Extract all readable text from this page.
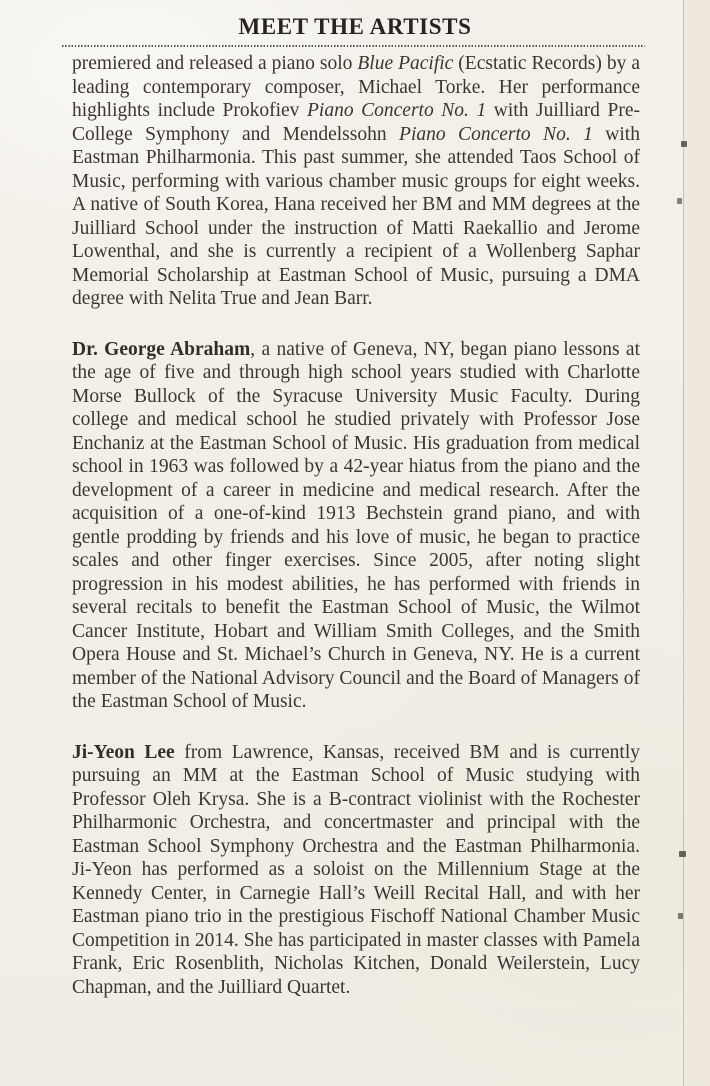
MEET THE ARTISTS

premiered and released a piano solo Blue Pacific (Ecstatic Records) by a leading contemporary composer, Michael Torke. Her performance highlights include Prokofiev Piano Concerto No. 1 with Juilliard Pre-College Symphony and Mendelssohn Piano Concerto No. 1 with Eastman Philharmonia. This past summer, she attended Taos School of Music, performing with various chamber music groups for eight weeks. A native of South Korea, Hana received her BM and MM degrees at the Juilliard School under the instruction of Matti Raekallio and Jerome Lowenthal, and she is currently a recipient of a Wollenberg Saphar Memorial Scholarship at Eastman School of Music, pursuing a DMA degree with Nelita True and Jean Barr.

Dr. George Abraham, a native of Geneva, NY, began piano lessons at the age of five and through high school years studied with Charlotte Morse Bullock of the Syracuse University Music Faculty. During college and medical school he studied privately with Professor Jose Enchaniz at the Eastman School of Music. His graduation from medical school in 1963 was followed by a 42-year hiatus from the piano and the development of a career in medicine and medical research. After the acquisition of a one-of-kind 1913 Bechstein grand piano, and with gentle prodding by friends and his love of music, he began to practice scales and other finger exercises. Since 2005, after noting slight progression in his modest abilities, he has performed with friends in several recitals to benefit the Eastman School of Music, the Wilmot Cancer Institute, Hobart and William Smith Colleges, and the Smith Opera House and St. Michael’s Church in Geneva, NY. He is a current member of the National Advisory Council and the Board of Managers of the Eastman School of Music.

Ji-Yeon Lee from Lawrence, Kansas, received BM and is currently pursuing an MM at the Eastman School of Music studying with Professor Oleh Krysa. She is a B-contract violinist with the Rochester Philharmonic Orchestra, and concertmaster and principal with the Eastman School Symphony Orchestra and the Eastman Philharmonia. Ji-Yeon has performed as a soloist on the Millennium Stage at the Kennedy Center, in Carnegie Hall’s Weill Recital Hall, and with her Eastman piano trio in the prestigious Fischoff National Chamber Music Competition in 2014. She has participated in master classes with Pamela Frank, Eric Rosenblith, Nicholas Kitchen, Donald Weilerstein, Lucy Chapman, and the Juilliard Quartet.
